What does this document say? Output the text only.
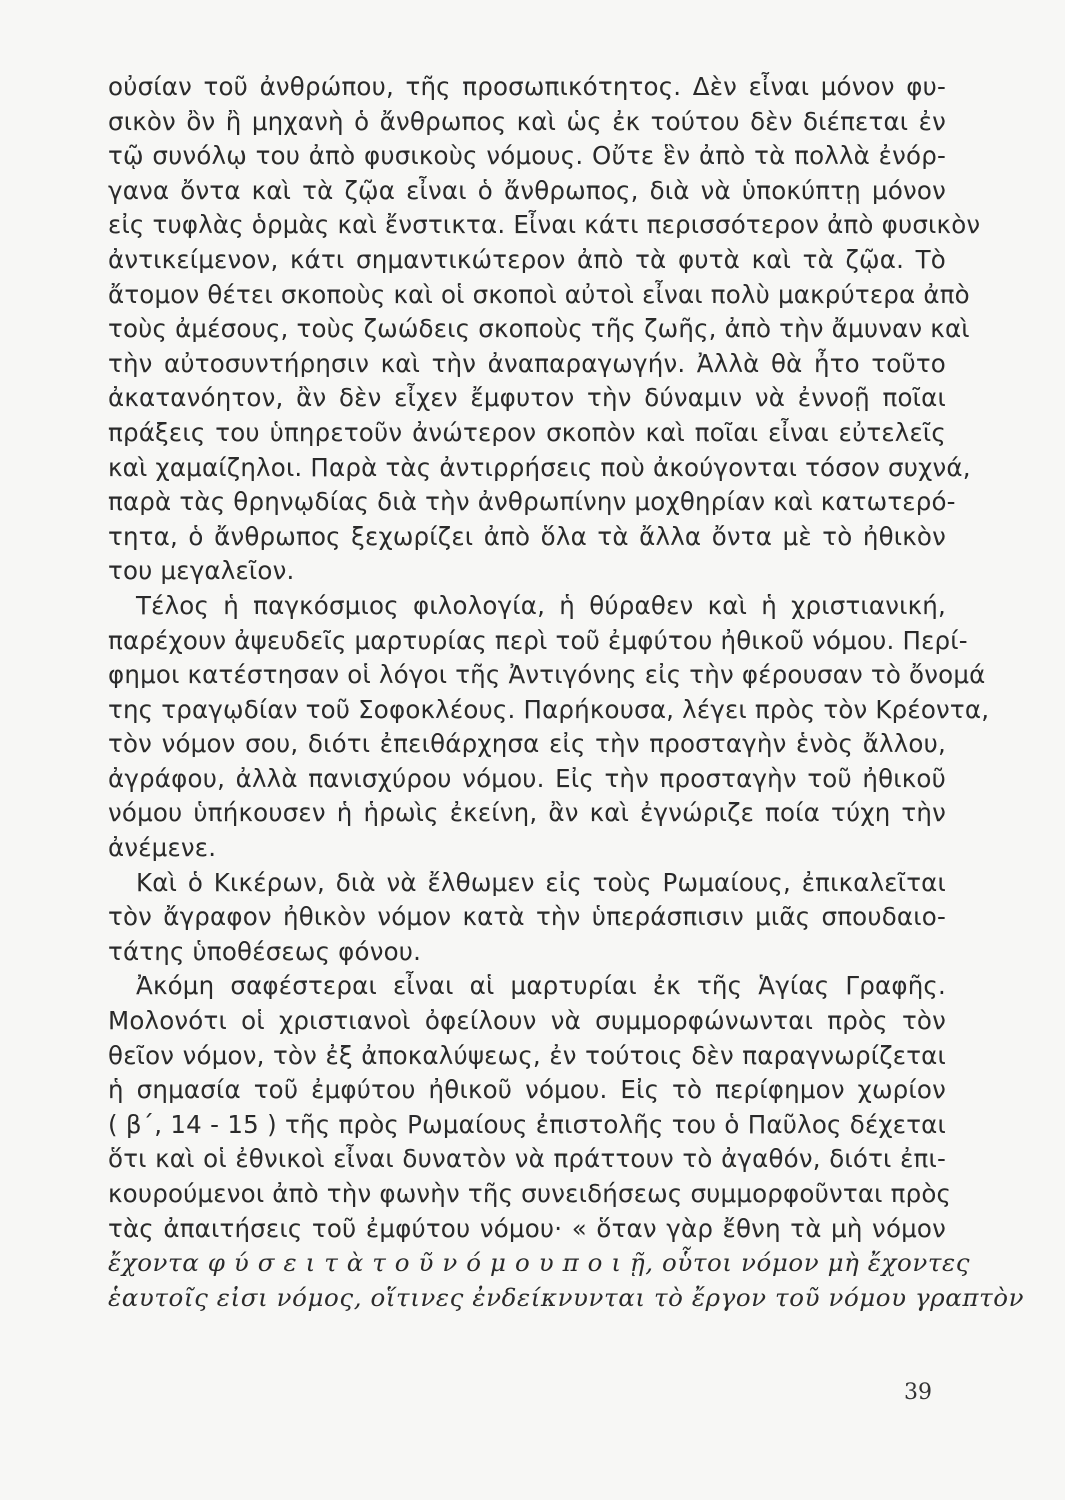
οὐσίαν τοῦ ἀνθρώπου, τῆς προσωπικότητος. Δὲν εἶναι μόνον φυ-
σικὸν ὂν ἢ μηχανὴ ὁ ἄνθρωπος καὶ ὡς ἐκ τούτου δὲν διέπεται ἐν
τῷ συνόλῳ του ἀπὸ φυσικοὺς νόμους. Οὔτε ἓν ἀπὸ τὰ πολλὰ ἐνόρ-
γανα ὄντα καὶ τὰ ζῷα εἶναι ὁ ἄνθρωπος, διὰ νὰ ὑποκύπτῃ μόνον
εἰς τυφλὰς ὁρμὰς καὶ ἔνστικτα. Εἶναι κάτι περισσότερον ἀπὸ φυσικὸν
ἀντικείμενον, κάτι σημαντικώτερον ἀπὸ τὰ φυτὰ καὶ τὰ ζῷα. Τὸ
ἄτομον θέτει σκοποὺς καὶ οἱ σκοποὶ αὐτοὶ εἶναι πολὺ μακρύτερα ἀπὸ
τοὺς ἀμέσους, τοὺς ζωώδεις σκοποὺς τῆς ζωῆς, ἀπὸ τὴν ἄμυναν καὶ
τὴν αὐτοσυντήρησιν καὶ τὴν ἀναπαραγωγήν. Ἀλλὰ θὰ ἦτο τοῦτο
ἀκατανόητον, ἂν δὲν εἶχεν ἔμφυτον τὴν δύναμιν νὰ ἐννοῇ ποῖαι
πράξεις του ὑπηρετοῦν ἀνώτερον σκοπὸν καὶ ποῖαι εἶναι εὐτελεῖς
καὶ χαμαίζηλοι. Παρὰ τὰς ἀντιρρήσεις ποὺ ἀκούγονται τόσον συχνά,
παρὰ τὰς θρηνῳδίας διὰ τὴν ἀνθρωπίνην μοχθηρίαν καὶ κατωτερό-
τητα, ὁ ἄνθρωπος ξεχωρίζει ἀπὸ ὅλα τὰ ἄλλα ὄντα μὲ τὸ ἠθικὸν
του μεγαλεῖον.
Τέλος ἡ παγκόσμιος φιλολογία, ἡ θύραθεν καὶ ἡ χριστιανική,
παρέχουν ἀψευδεῖς μαρτυρίας περὶ τοῦ ἐμφύτου ἠθικοῦ νόμου. Περί-
φημοι κατέστησαν οἱ λόγοι τῆς Ἀντιγόνης εἰς τὴν φέρουσαν τὸ ὄνομά
της τραγῳδίαν τοῦ Σοφοκλέους. Παρήκουσα, λέγει πρὸς τὸν Κρέοντα,
τὸν νόμον σου, διότι ἐπειθάρχησα εἰς τὴν προσταγὴν ἑνὸς ἄλλου,
ἀγράφου, ἀλλὰ πανισχύρου νόμου. Εἰς τὴν προσταγὴν τοῦ ἠθικοῦ
νόμου ὑπήκουσεν ἡ ἡρωὶς ἐκείνη, ἂν καὶ ἐγνώριζε ποία τύχη τὴν
ἀνέμενε.
Καὶ ὁ Κικέρων, διὰ νὰ ἔλθωμεν εἰς τοὺς Ρωμαίους, ἐπικαλεῖται
τὸν ἄγραφον ἠθικὸν νόμον κατὰ τὴν ὑπεράσπισιν μιᾶς σπουδαιο-
τάτης ὑποθέσεως φόνου.
Ἀκόμη σαφέστεραι εἶναι αἱ μαρτυρίαι ἐκ τῆς Ἁγίας Γραφῆς.
Μολονότι οἱ χριστιανοὶ ὀφείλουν νὰ συμμορφώνωνται πρὸς τὸν
θεῖον νόμον, τὸν ἐξ ἀποκαλύψεως, ἐν τούτοις δὲν παραγνωρίζεται
ἡ σημασία τοῦ ἐμφύτου ἠθικοῦ νόμου. Εἰς τὸ περίφημον χωρίον
( β΄, 14 - 15 ) τῆς πρὸς Ρωμαίους ἐπιστολῆς του ὁ Παῦλος δέχεται
ὅτι καὶ οἱ ἐθνικοὶ εἶναι δυνατὸν νὰ πράττουν τὸ ἀγαθόν, διότι ἐπι-
κουρούμενοι ἀπὸ τὴν φωνὴν τῆς συνειδήσεως συμμορφοῦνται πρὸς
τὰς ἀπαιτήσεις τοῦ ἐμφύτου νόμου· « ὅταν γὰρ ἔθνη τὰ μὴ νόμον
ἔχοντα φ ύ σ ε ι τ ὰ τ ο ῦ ν ό μ ο υ π ο ι ῇ, οὗτοι νόμον μὴ ἔχοντες
ἑαυτοῖς εἰσι νόμος, οἵτινες ἐνδείκνυνται τὸ ἔργον τοῦ νόμου γραπτὸν
39
